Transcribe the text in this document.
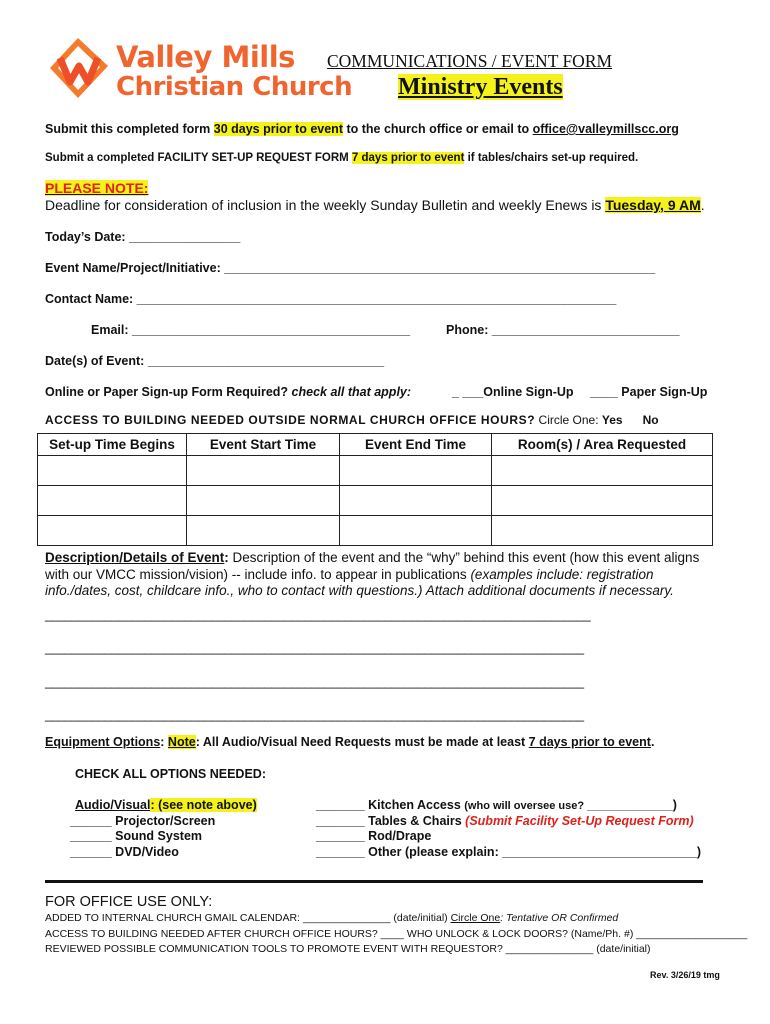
Valley Mills
Christian Church
COMMUNICATIONS / EVENT FORM
Ministry Events
Submit this completed form 30 days prior to event to the church office or email to office@valleymillscc.org
Submit a completed FACILITY SET-UP REQUEST FORM 7 days prior to event if tables/chairs set-up required.
PLEASE NOTE:
Deadline for consideration of inclusion in the weekly Sunday Bulletin and weekly Enews is Tuesday, 9 AM.
Today’s Date: ________________
Event Name/Project/Initiative: ______________________________________________________________
Contact Name: _____________________________________________________________________
Email: ________________________________________	Phone: ___________________________
Date(s) of Event: __________________________________
Online or Paper Sign-up Form Required? check all that apply:	_ ___Online Sign-Up ____ Paper Sign-Up
ACCESS TO BUILDING NEEDED OUTSIDE NORMAL CHURCH OFFICE HOURS? Circle One: Yes No
Set-up Time Begins	Event Start Time	Event End Time	Room(s) / Area Requested

Description/Details of Event: Description of the event and the “why” behind this event (how this event aligns
with our VMCC mission/vision) -- include info. to appear in publications (examples include: registration
info./dates, cost, childcare info., who to contact with questions.) Attach additional documents if necessary.
__________________________________________________________________________________
_________________________________________________________________________________
_________________________________________________________________________________
_________________________________________________________________________________
Equipment Options: Note: All Audio/Visual Need Requests must be made at least 7 days prior to event.
CHECK ALL OPTIONS NEEDED:
Audio/Visual: (see note above)
______ Projector/Screen
______ Sound System
______ DVD/Video
_______ Kitchen Access (who will oversee use? ______________)
_______ Tables & Chairs (Submit Facility Set-Up Request Form)
_______ Rod/Drape
_______ Other (please explain: ____________________________)
FOR OFFICE USE ONLY:
ADDED TO INTERNAL CHURCH GMAIL CALENDAR: _______________ (date/initial) Circle One: Tentative OR Confirmed
ACCESS TO BUILDING NEEDED AFTER CHURCH OFFICE HOURS? ____ WHO UNLOCK & LOCK DOORS? (Name/Ph. #) ___________________
REVIEWED POSSIBLE COMMUNICATION TOOLS TO PROMOTE EVENT WITH REQUESTOR? _______________ (date/initial)
Rev. 3/26/19 tmg
